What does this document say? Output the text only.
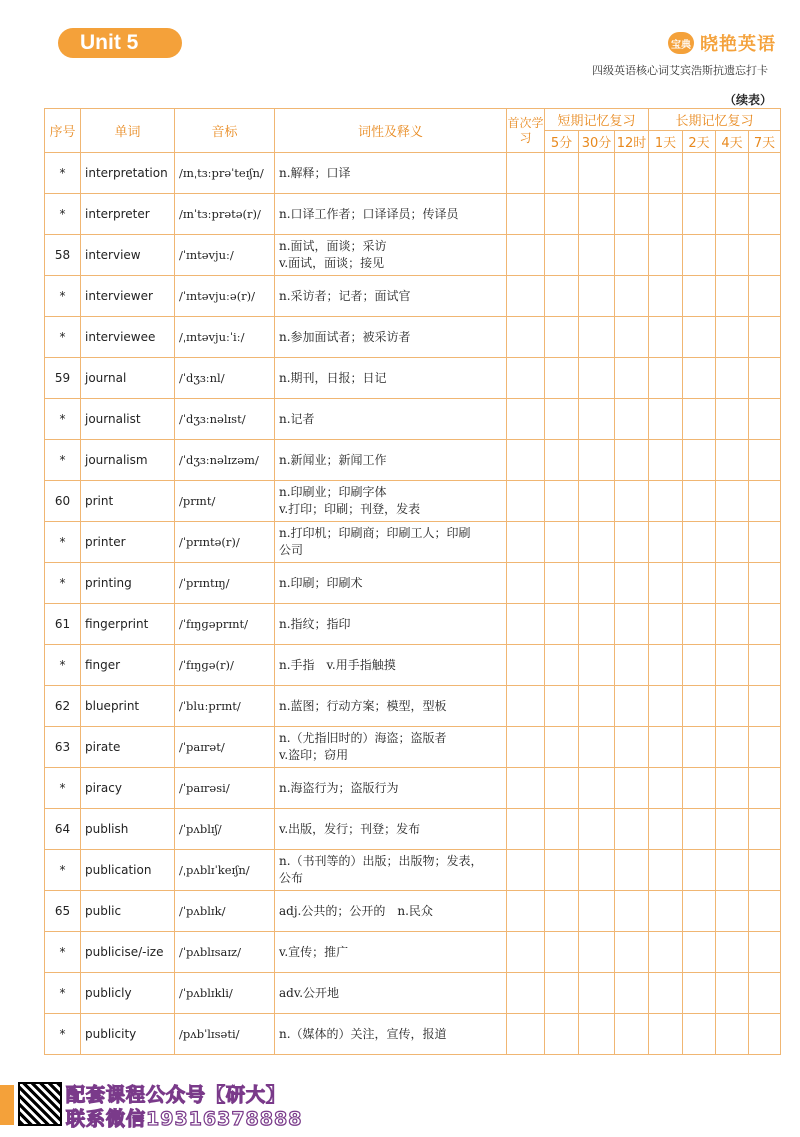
Unit 5	宝典 晓艳英语
四级英语核心词艾宾浩斯抗遗忘打卡
（续表）
序号	单词	音标	词性及释义	首次学习	短期记忆复习			长期记忆复习			
					5分	30分	12时	1天	2天	4天	7天
*	interpretation	/ɪnˌtɜːprəˈteɪʃn/	n.解释；口译								

*	interpreter	/ɪnˈtɜːprətə(r)/	n.口译工作者；口译译员；传译员								

58	interview	/ˈɪntəvjuː/	n.面试，面谈；采访
v.面试，面谈；接见								

*	interviewer	/ˈɪntəvjuːə(r)/	n.采访者；记者；面试官								

*	interviewee	/ˌɪntəvjuːˈiː/	n.参加面试者；被采访者								

59	journal	/ˈdʒɜːnl/	n.期刊，日报；日记								

*	journalist	/ˈdʒɜːnəlɪst/	n.记者								

*	journalism	/ˈdʒɜːnəlɪzəm/	n.新闻业；新闻工作								

60	print	/prɪnt/	n.印刷业；印刷字体
v.打印；印刷；刊登，发表								

*	printer	/ˈprɪntə(r)/	n.打印机；印刷商；印刷工人；印刷
公司								

*	printing	/ˈprɪntɪŋ/	n.印刷；印刷术								

61	fingerprint	/ˈfɪŋɡəprɪnt/	n.指纹；指印								

*	finger	/ˈfɪŋɡə(r)/	n.手指　v.用手指触摸								

62	blueprint	/ˈbluːprɪnt/	n.蓝图；行动方案；模型，型板								

63	pirate	/ˈpaɪrət/	n.（尤指旧时的）海盗；盗版者
v.盗印；窃用								

*	piracy	/ˈpaɪrəsi/	n.海盗行为；盗版行为								

64	publish	/ˈpʌblɪʃ/	v.出版，发行；刊登；发布								

*	publication	/ˌpʌblɪˈkeɪʃn/	n.（书刊等的）出版；出版物；发表，
公布								

65	public	/ˈpʌblɪk/	adj.公共的；公开的　n.民众								

*	publicise/-ize	/ˈpʌblɪsaɪz/	v.宣传；推广								

*	publicly	/ˈpʌblɪkli/	adv.公开地								

*	publicity	/pʌbˈlɪsəti/	n.（媒体的）关注，宣传，报道								

配套课程公众号【研大】
联系微信19316378888
